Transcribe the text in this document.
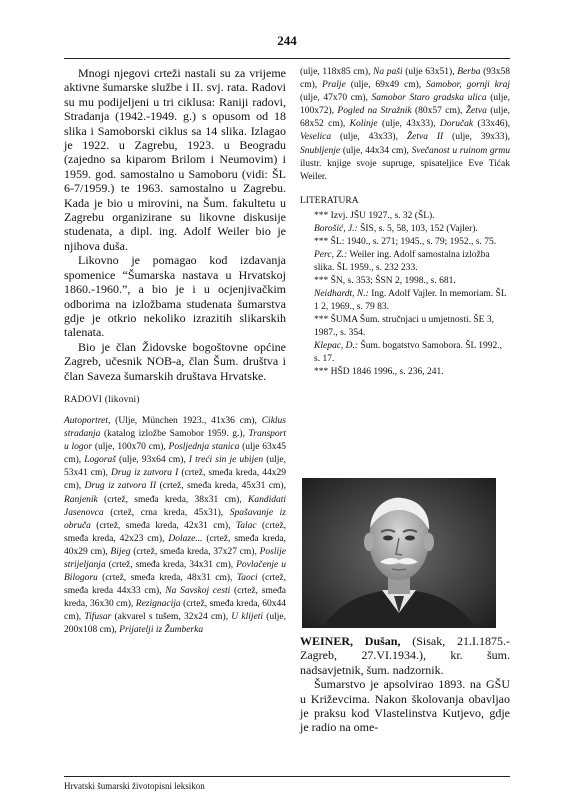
244

Mnogi njegovi crteži nastali su za vrijeme aktivne šumarske službe i II. svj. rata. Radovi su mu podijeljeni u tri ciklusa: Raniji radovi, Stradanja (1942.-1949. g.) s opusom od 18 slika i Samoborski ciklus sa 14 slika. Izlagao je 1922. u Zagrebu, 1923. u Beogradu (zajedno sa kiparom Brilom i Neumovim) i 1959. god. samostalno u Samoboru (vidi: ŠL 6-7/1959.) te 1963. samostalno u Zagrebu. Kada je bio u mirovini, na Šum. fakultetu u Zagrebu organizirane su likovne diskusije studenata, a dipl. ing. Adolf Weiler bio je njihova duša.

Likovno je pomagao kod izdavanja spomenice “Šumarska nastava u Hrvatskoj 1860.-1960.”, a bio je i u ocjenjivačkim odborima na izložbama studenata šumarstva gdje je otkrio nekoliko izrazitih slikarskih talenata.

Bio je član Židovske bogoštovne općine Zagreb, učesnik NOB-a, član Šum. društva i član Saveza šumarskih društava Hrvatske.

RADOVI (likovni)
Autoportret, (Ulje, München 1923., 41x36 cm), Ciklus stradanja (katalog izložbe Samobor 1959. g.), Transport u logor (ulje, 100x70 cm), Posljednja stanica (ulje 63x45 cm), Logoraš (ulje, 93x64 cm), I treći sin je ubijen (ulje, 53x41 cm), Drug iz zatvora I (crtež, smeđa kreda, 44x29 cm), Drug iz zatvora II (crtež, smeđa kreda, 45x31 cm), Ranjenik (crtež, smeđa kreda, 38x31 cm), Kandidati Jasenovca (crtež, crna kreda, 45x31), Spašavanje iz obruča (crtež, smeđa kreda, 42x31 cm), Talac (crtež, smeđa kreda, 42x23 cm), Dolaze... (crtež, smeđa kreda, 40x29 cm), Bijeg (crtež, smeđa kreda, 37x27 cm), Poslije strijeljanja (crtež, smeđa kreda, 34x31 cm), Povlačenje u Bilogoru (crtež, smeđa kreda, 48x31 cm), Taoci (crtež, smeđa kreda 44x33 cm), Na Savskoj cesti (crtež, smeđa kreda, 36x30 cm), Rezignacija (crtež, smeđa kreda, 60x44 cm), Tifusar (akvarel s tušem, 32x24 cm), U klijeti (ulje, 200x108 cm), Prijatelji iz Žumberka
(ulje, 118x85 cm), Na paši (ulje 63x51), Berba (93x58 cm), Pralje (ulje, 69x49 cm), Samobor, gornji kraj (ulje, 47x70 cm), Samobor Staro gradska ulica (ulje, 100x72), Pogled na Stražnik (80x57 cm), Žetva (ulje, 68x52 cm), Kolinje (ulje, 43x33), Doručak (33x46), Veselica (ulje, 43x33), Žetva II (ulje, 39x33), Snubljenje (ulje, 44x34 cm), Svečanost u ruinom grmu ilustr. knjige svoje supruge, spisateljice Eve Tićak Weiler.
LITERATURA
*** Izvj. JŠU 1927., s. 32 (ŠL).
Borošić, J.: ŠIS, s. 5, 58, 103, 152 (Vajler).
*** ŠL: 1940., s. 271; 1945., s. 79; 1952., s. 75.
Perc, Z.: Weiler ing. Adolf samostalna izložba slika. ŠL 1959., s. 232 233.
*** ŠN, s. 353; ŠSN 2, 1998., s. 681.
Neidhardt, N.: Ing. Adolf Vajler. In memoriam. ŠL 1 2, 1969., s. 79 83.
*** ŠUMA Šum. stručnjaci u umjetnosti. ŠE 3, 1987., s. 354.
Klepac, D.: Šum. bogatstvo Samobora. ŠL 1992., s. 17.
*** HŠD 1846 1996., s. 236, 241.

WEINER, Dušan, (Sisak, 21.I.1875.-Zagreb, 27.VI.1934.), kr. šum. nadsavjetnik, šum. nadzornik.

Šumarstvo je apsolvirao 1893. na GŠU u Križevcima. Nakon školovanja obavljao je praksu kod Vlastelinstva Kutjevo, gdje je radio na ome-

Hrvatski šumarski životopisni leksikon
